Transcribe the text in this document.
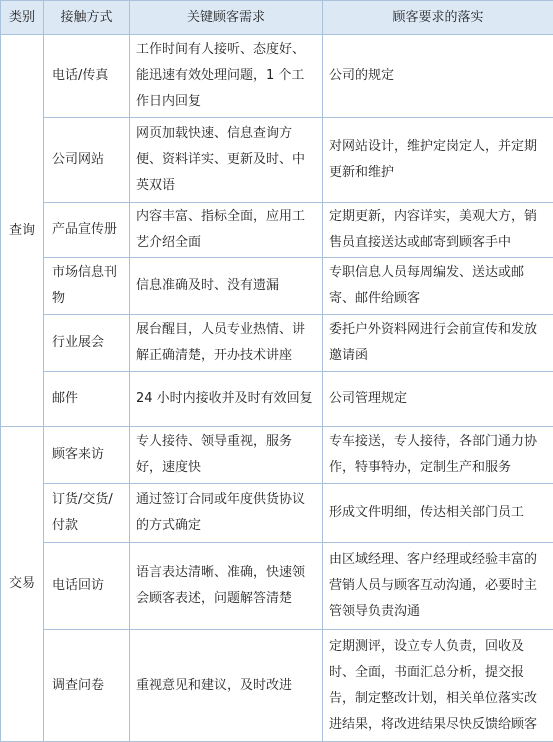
类别	接触方式	关键顾客需求	顾客要求的落实
查询	电话/传真	工作时间有人接听、态度好、能迅速有效处理问题，1 个工作日内回复	公司的规定
	公司网站	网页加载快速、信息查询方便、资料详实、更新及时、中英双语	对网站设计，维护定岗定人，并定期更新和维护
	产品宣传册	内容丰富、指标全面，应用工艺介绍全面	定期更新，内容详实，美观大方，销售员直接送达或邮寄到顾客手中
	市场信息刊物	信息准确及时、没有遗漏	专职信息人员每周编发、送达或邮寄、邮件给顾客
	行业展会	展台醒目，人员专业热情、讲解正确清楚，开办技术讲座	委托户外资料网进行会前宣传和发放邀请函
	邮件	24 小时内接收并及时有效回复	公司管理规定
交易	顾客来访	专人接待、领导重视，服务好，速度快	专车接送，专人接待，各部门通力协作，特事特办，定制生产和服务
	订货/交货/付款	通过签订合同或年度供货协议的方式确定	形成文件明细，传达相关部门员工
	电话回访	语言表达清晰、准确，快速领会顾客表述，问题解答清楚	由区域经理、客户经理或经验丰富的营销人员与顾客互动沟通，必要时主管领导负责沟通
	调查问卷	重视意见和建议，及时改进	定期测评，设立专人负责，回收及时、全面，书面汇总分析，提交报告，制定整改计划，相关单位落实改进结果，将改进结果尽快反馈给顾客
